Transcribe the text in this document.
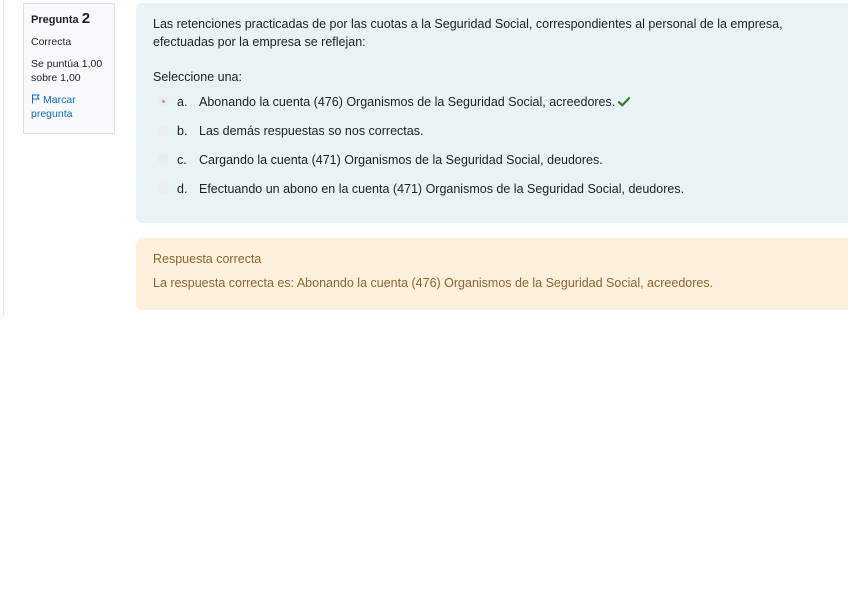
Pregunta 2
Correcta
Se puntúa 1,00 sobre 1,00
Marcar pregunta

Las retenciones practicadas de por las cuotas a la Seguridad Social, correspondientes al personal de la empresa, efectuadas por la empresa se reflejan:

Seleccione una:

a. Abonando la cuenta (476) Organismos de la Seguridad Social, acreedores.
b. Las demás respuestas so nos correctas.
c. Cargando la cuenta (471) Organismos de la Seguridad Social, deudores.
d. Efectuando un abono en la cuenta (471) Organismos de la Seguridad Social, deudores.
Respuesta correcta
La respuesta correcta es: Abonando la cuenta (476) Organismos de la Seguridad Social, acreedores.
